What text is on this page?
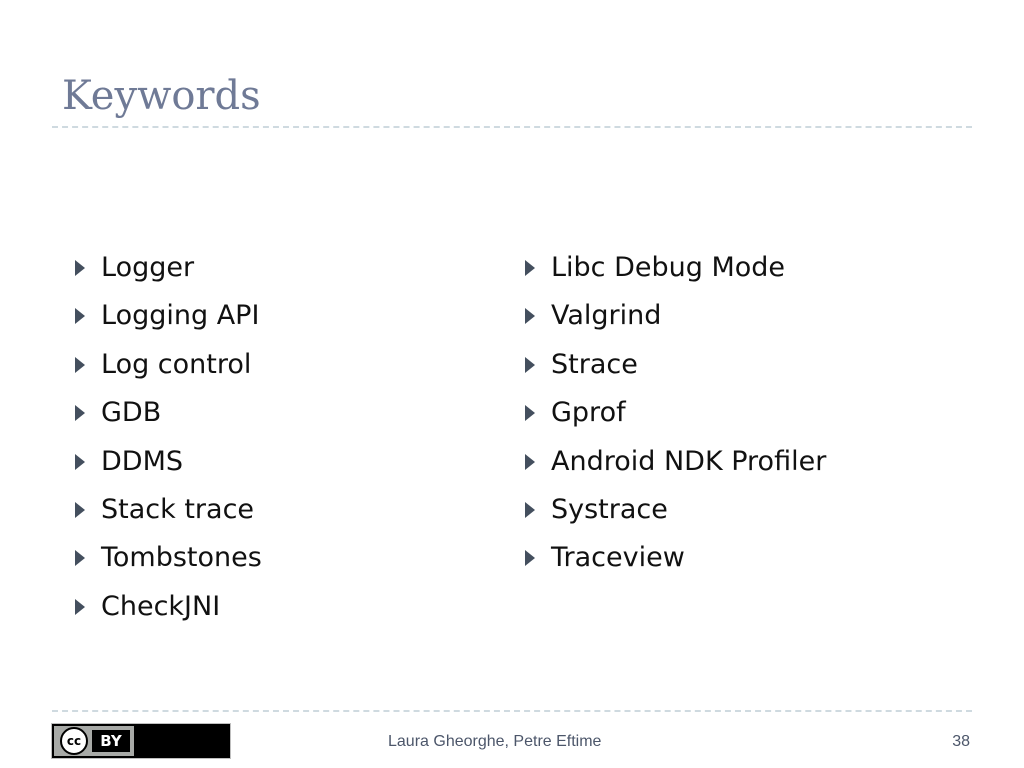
Keywords
Logger
Logging API
Log control
GDB
DDMS
Stack trace
Tombstones
CheckJNI
Libc Debug Mode
Valgrind
Strace
Gprof
Android NDK Profiler
Systrace
Traceview
cc	BY	Laura Gheorghe, Petre Eftime	38
